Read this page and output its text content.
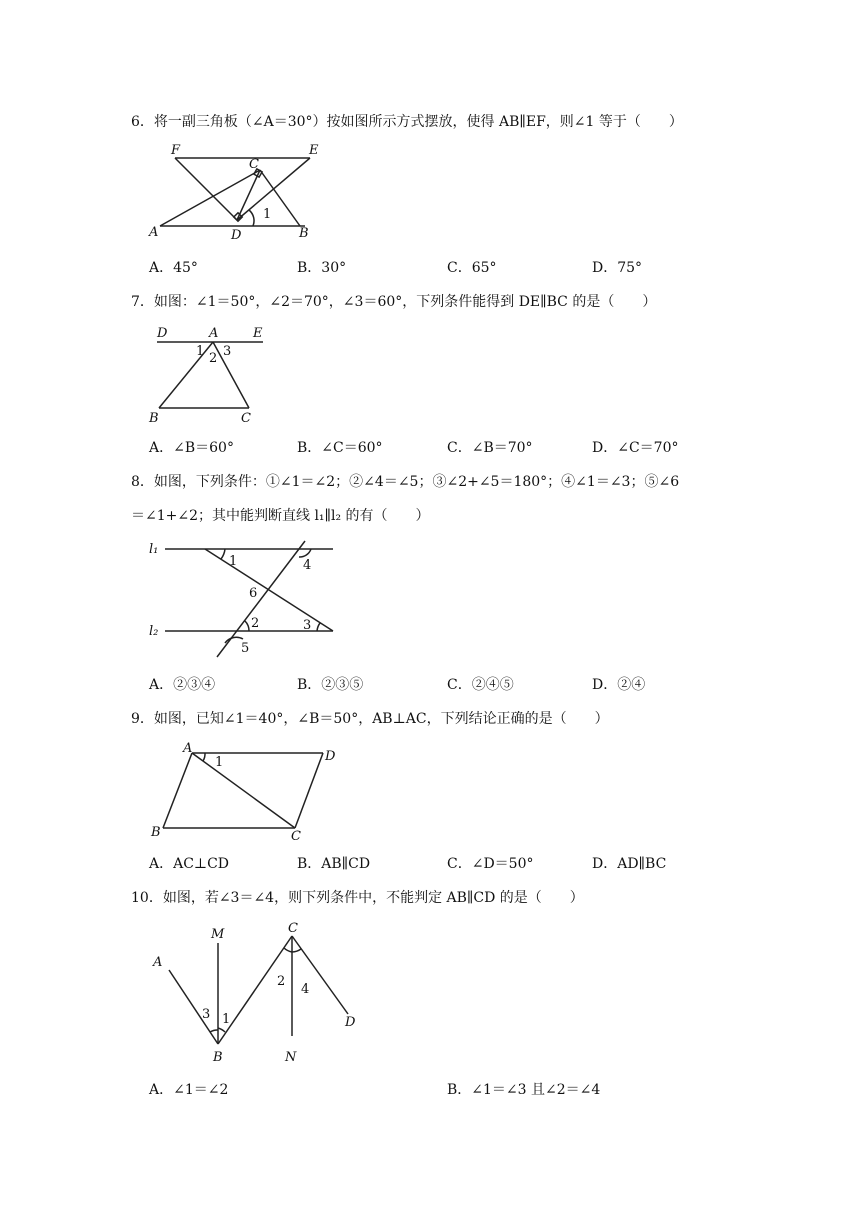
6．将一副三角板（∠A＝30°）按如图所示方式摆放，使得 AB∥EF，则∠1 等于（　　）
F	E
C
1
A	D	B
A．45°	B．30°	C．65°	D．75°
7．如图：∠1＝50°，∠2＝70°，∠3＝60°，下列条件能得到 DE∥BC 的是（　　）
D	A	E
1 2 3
B	C
A．∠B＝60°	B．∠C＝60°	C．∠B＝70°	D．∠C＝70°
8．如图，下列条件：①∠1＝∠2；②∠4＝∠5；③∠2+∠5＝180°；④∠1＝∠3；⑤∠6
＝∠1+∠2；其中能判断直线 l₁∥l₂ 的有（　　）
l₁
1	4
6
l₂
2	3
5
A．②③④	B．②③⑤	C．②④⑤	D．②④
9．如图，已知∠1＝40°，∠B＝50°，AB⊥AC，下列结论正确的是（　　）
A
1	D
B	C
A．AC⊥CD	B．AB∥CD	C．∠D＝50°	D．AD∥BC
10．如图，若∠3＝∠4，则下列条件中，不能判定 AB∥CD 的是（　　）
M	C
A
2
4
3 1	D
B	N
A．∠1＝∠2	B．∠1＝∠3 且∠2＝∠4
